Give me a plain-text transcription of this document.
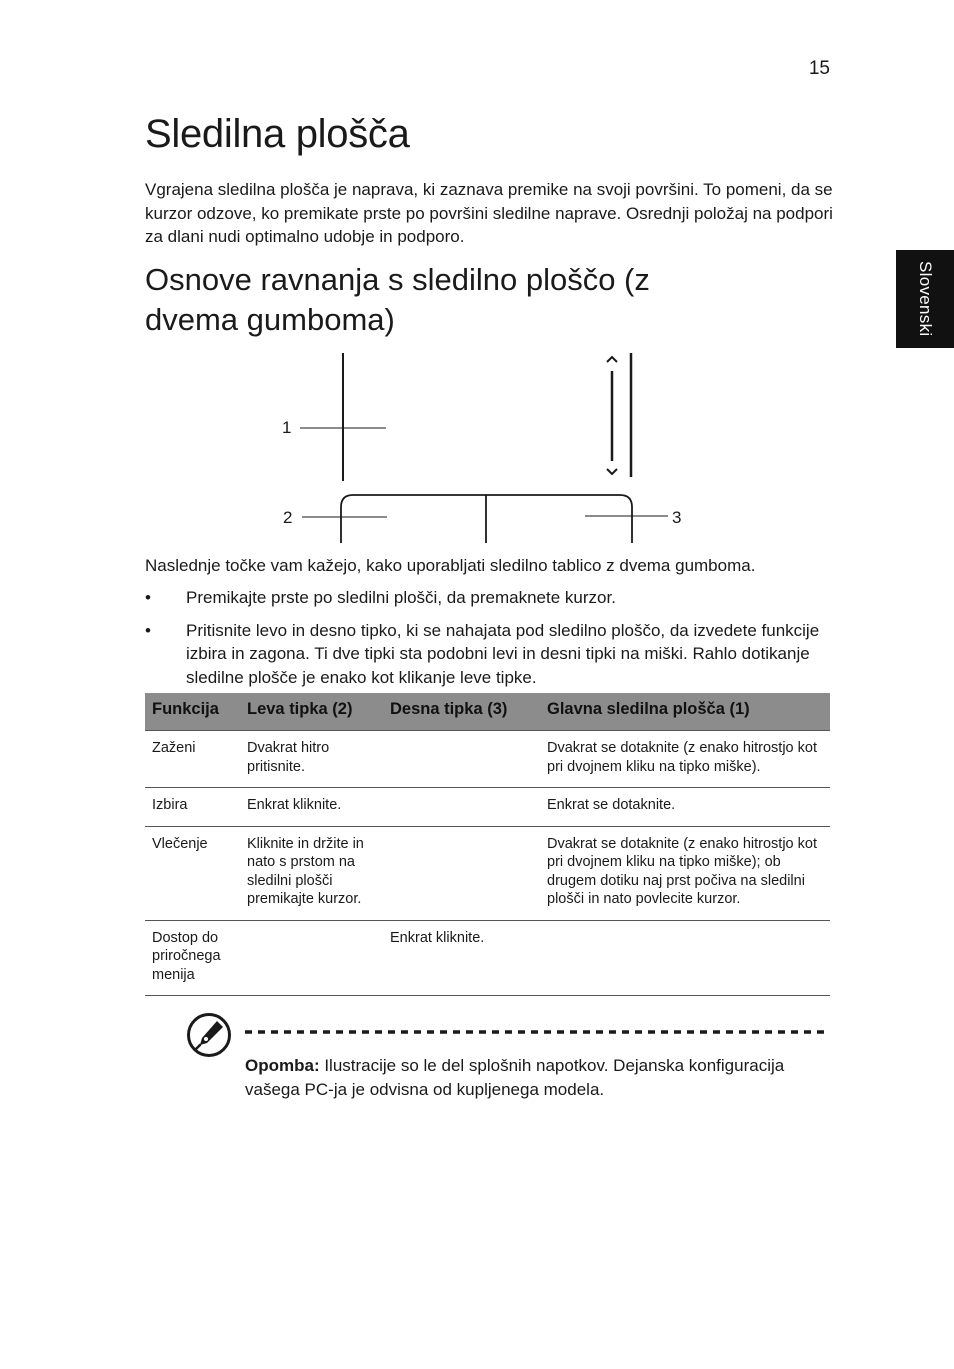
15
Slovenski
Sledilna plošča

Vgrajena sledilna plošča je naprava, ki zaznava premike na svoji površini. To pomeni, da se kurzor odzove, ko premikate prste po površini sledilne naprave. Osrednji položaj na podpori za dlani nudi optimalno udobje in podporo.

Osnove ravnanja s sledilno ploščo (z dvema gumboma)
1
2	3

Naslednje točke vam kažejo, kako uporabljati sledilno tablico z dvema gumboma.

• Premikajte prste po sledilni plošči, da premaknete kurzor.
• Pritisnite levo in desno tipko, ki se nahajata pod sledilno ploščo, da izvedete funkcije izbira in zagona. Ti dve tipki sta podobni levi in desni tipki na miški. Rahlo dotikanje sledilne plošče je enako kot klikanje leve tipke.
Funkcija	Leva tipka (2)	Desna tipka (3)	Glavna sledilna plošča (1)
Zaženi	Dvakrat hitro pritisnite.		Dvakrat se dotaknite (z enako hitrostjo kot pri dvojnem kliku na tipko miške).
Izbira	Enkrat kliknite.		Enkrat se dotaknite.
Vlečenje	Kliknite in držite in nato s prstom na sledilni plošči premikajte kurzor.		Dvakrat se dotaknite (z enako hitrostjo kot pri dvojnem kliku na tipko miške); ob drugem dotiku naj prst počiva na sledilni plošči in nato povlecite kurzor.
Dostop do priročnega menija		Enkrat kliknite.	

Opomba: Ilustracije so le del splošnih napotkov. Dejanska konfiguracija vašega PC-ja je odvisna od kupljenega modela.
